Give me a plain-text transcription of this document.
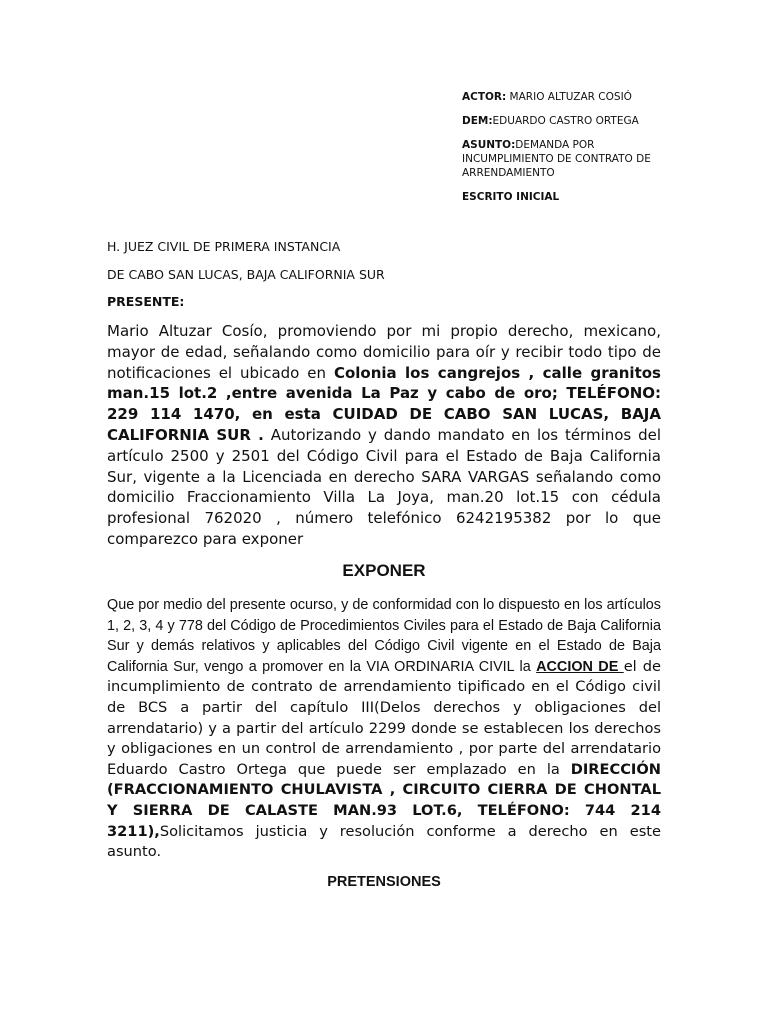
ACTOR: MARIO ALTUZAR COSIÓ
DEM:EDUARDO CASTRO ORTEGA
ASUNTO:DEMANDA POR INCUMPLIMIENTO DE CONTRATO DE ARRENDAMIENTO
ESCRITO INICIAL
H. JUEZ CIVIL DE PRIMERA INSTANCIA
DE CABO SAN LUCAS, BAJA CALIFORNIA SUR
PRESENTE:
Mario Altuzar Cosío, promoviendo por mi propio derecho, mexicano, mayor de edad, señalando como domicilio para oír y recibir todo tipo de notificaciones el ubicado en Colonia los cangrejos , calle granitos man.15 lot.2 ,entre avenida La Paz y cabo de oro; TELÉFONO: 229 114 1470, en esta CUIDAD DE CABO SAN LUCAS, BAJA CALIFORNIA SUR . Autorizando y dando mandato en los términos del artículo 2500 y 2501 del Código Civil para el Estado de Baja California Sur, vigente a la Licenciada en derecho SARA VARGAS señalando como domicilio Fraccionamiento Villa La Joya, man.20 lot.15 con cédula profesional 762020 , número telefónico 6242195382 por lo que comparezco para exponer
EXPONER
Que por medio del presente ocurso, y de conformidad con lo dispuesto en los artículos 1, 2, 3, 4 y 778 del Código de Procedimientos Civiles para el Estado de Baja California Sur y demás relativos y aplicables del Código Civil vigente en el Estado de Baja California Sur, vengo a promover en la VIA ORDINARIA CIVIL la ACCION DE el de incumplimiento de contrato de arrendamiento tipificado en el Código civil de BCS a partir del capítulo III(Delos derechos y obligaciones del arrendatario) y a partir del artículo 2299 donde se establecen los derechos y obligaciones en un control de arrendamiento , por parte del arrendatario Eduardo Castro Ortega que puede ser emplazado en la DIRECCIÓN (FRACCIONAMIENTO CHULAVISTA , CIRCUITO CIERRA DE CHONTAL Y SIERRA DE CALASTE MAN.93 LOT.6, TELÉFONO: 744 214 3211),Solicitamos justicia y resolución conforme a derecho en este asunto.
PRETENSIONES
